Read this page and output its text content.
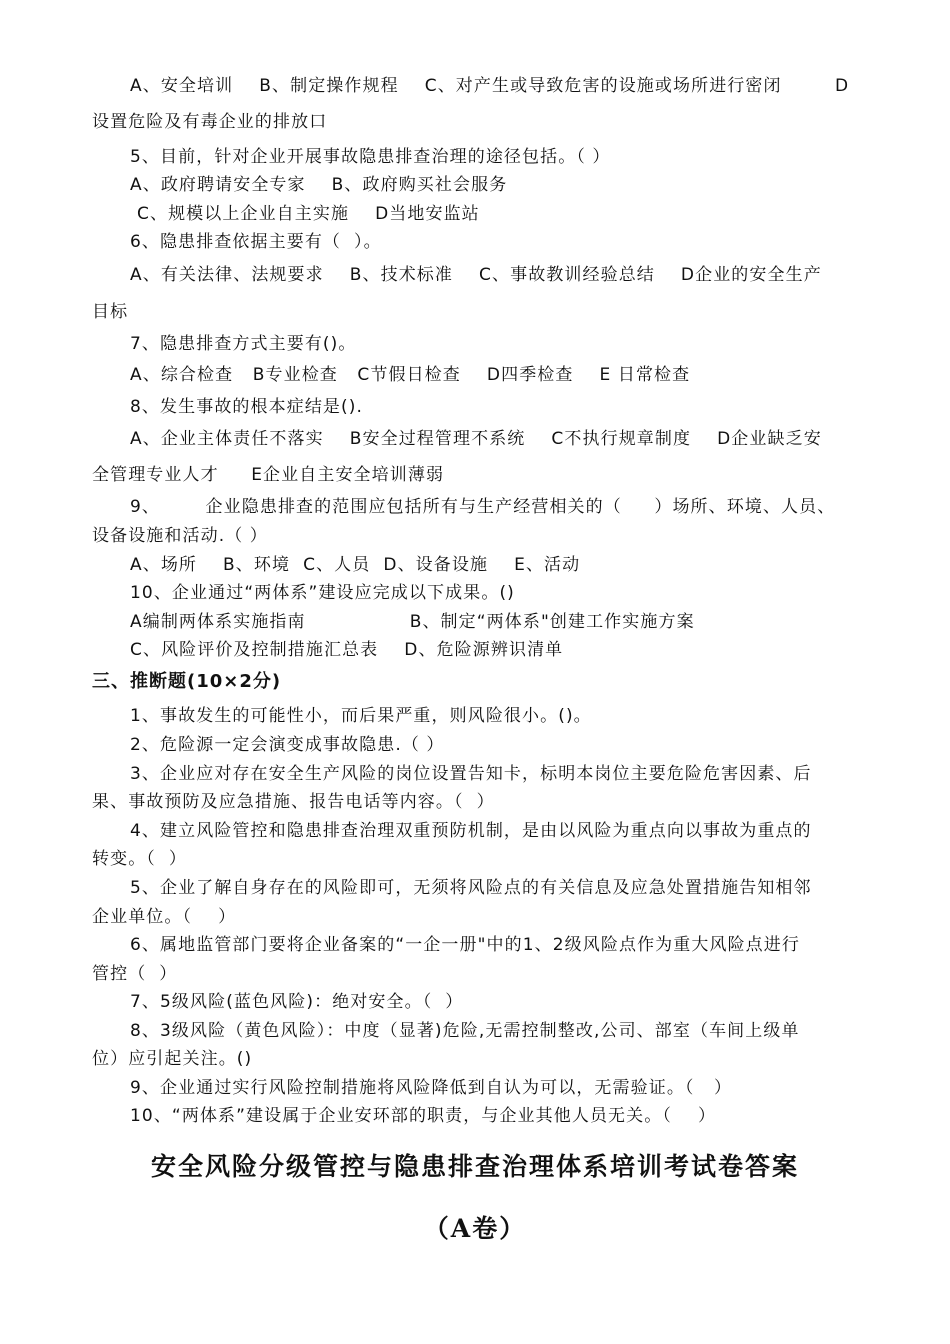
A、安全培训    B、制定操作规程    C、对产生或导致危害的设施或场所进行密闭	D
设置危险及有毒企业的排放口
5、目前，针对企业开展事故隐患排查治理的途径包括。（ ）
A、政府聘请安全专家    B、政府购买社会服务
C、规模以上企业自主实施    D当地安监站
6、隐患排查依据主要有（  ）。
A、有关法律、法规要求    B、技术标准    C、事故教训经验总结    D企业的安全生产
目标
7、隐患排查方式主要有()。
A、综合检查   B专业检查   C节假日检查    D四季检查    E 日常检查
8、发生事故的根本症结是().
A、企业主体责任不落实    B安全过程管理不系统    C不执行规章制度    D企业缺乏安
全管理专业人才     E企业自主安全培训薄弱
9、       企业隐患排查的范围应包括所有与生产经营相关的（     ）场所、环境、人员、
设备设施和活动.（ ）
A、场所    B、环境  C、人员  D、设备设施    E、活动
10、企业通过“两体系”建设应完成以下成果。()
A编制两体系实施指南                B、制定“两体系"创建工作实施方案
C、风险评价及控制措施汇总表    D、危险源辨识清单
三、推断题(10×2分)
1、事故发生的可能性小，而后果严重，则风险很小。()。
2、危险源一定会演变成事故隐患.（ ）
3、企业应对存在安全生产风险的岗位设置告知卡，标明本岗位主要危险危害因素、后
果、事故预防及应急措施、报告电话等内容。（  ）
4、建立风险管控和隐患排查治理双重预防机制，是由以风险为重点向以事故为重点的
转变。（  ）
5、企业了解自身存在的风险即可，无须将风险点的有关信息及应急处置措施告知相邻
企业单位。（    ）
6、属地监管部门要将企业备案的“一企一册"中的1、2级风险点作为重大风险点进行
管控（  ）
7、5级风险(蓝色风险)：绝对安全。（  ）
8、3级风险（黄色风险）：中度（显著)危险,无需控制整改,公司、部室（车间上级单
位）应引起关注。()
9、企业通过实行风险控制措施将风险降低到自认为可以，无需验证。（   ）
10、“两体系”建设属于企业安环部的职责，与企业其他人员无关。（    ）
安全风险分级管控与隐患排查治理体系培训考试卷答案
（A卷）
